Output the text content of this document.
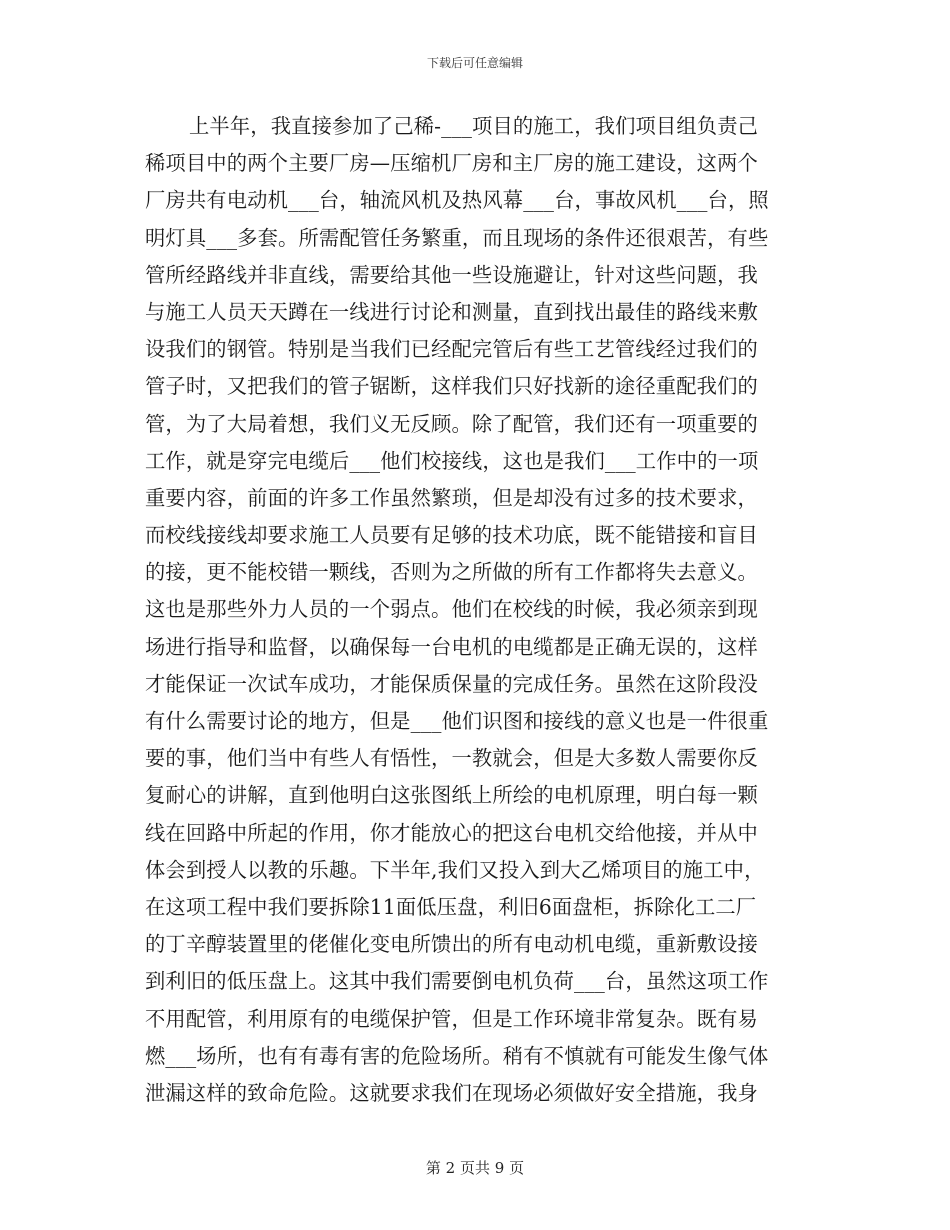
下载后可任意编辑
上半年，我直接参加了己稀-___项目的施工，我们项目组负责己
稀项目中的两个主要厂房—压缩机厂房和主厂房的施工建设，这两个
厂房共有电动机___台，轴流风机及热风幕___台，事故风机___台，照
明灯具___多套。所需配管任务繁重，而且现场的条件还很艰苦，有些
管所经路线并非直线，需要给其他一些设施避让，针对这些问题，我
与施工人员天天蹲在一线进行讨论和测量，直到找出最佳的路线来敷
设我们的钢管。特别是当我们已经配完管后有些工艺管线经过我们的
管子时，又把我们的管子锯断，这样我们只好找新的途径重配我们的
管，为了大局着想，我们义无反顾。除了配管，我们还有一项重要的
工作，就是穿完电缆后___他们校接线，这也是我们___工作中的一项
重要内容，前面的许多工作虽然繁琐，但是却没有过多的技术要求，
而校线接线却要求施工人员要有足够的技术功底，既不能错接和盲目
的接，更不能校错一颗线，否则为之所做的所有工作都将失去意义。
这也是那些外力人员的一个弱点。他们在校线的时候，我必须亲到现
场进行指导和监督，以确保每一台电机的电缆都是正确无误的，这样
才能保证一次试车成功，才能保质保量的完成任务。虽然在这阶段没
有什么需要讨论的地方，但是___他们识图和接线的意义也是一件很重
要的事，他们当中有些人有悟性，一教就会，但是大多数人需要你反
复耐心的讲解，直到他明白这张图纸上所绘的电机原理，明白每一颗
线在回路中所起的作用，你才能放心的把这台电机交给他接，并从中
体会到授人以教的乐趣。下半年,我们又投入到大乙烯项目的施工中，
在这项工程中我们要拆除11面低压盘，利旧6面盘柜，拆除化工二厂
的丁辛醇装置里的佬催化变电所馈出的所有电动机电缆，重新敷设接
到利旧的低压盘上。这其中我们需要倒电机负荷___台，虽然这项工作
不用配管，利用原有的电缆保护管，但是工作环境非常复杂。既有易
燃___场所，也有有毒有害的危险场所。稍有不慎就有可能发生像气体
泄漏这样的致命危险。这就要求我们在现场必须做好安全措施，我身
第 2 页共 9 页
